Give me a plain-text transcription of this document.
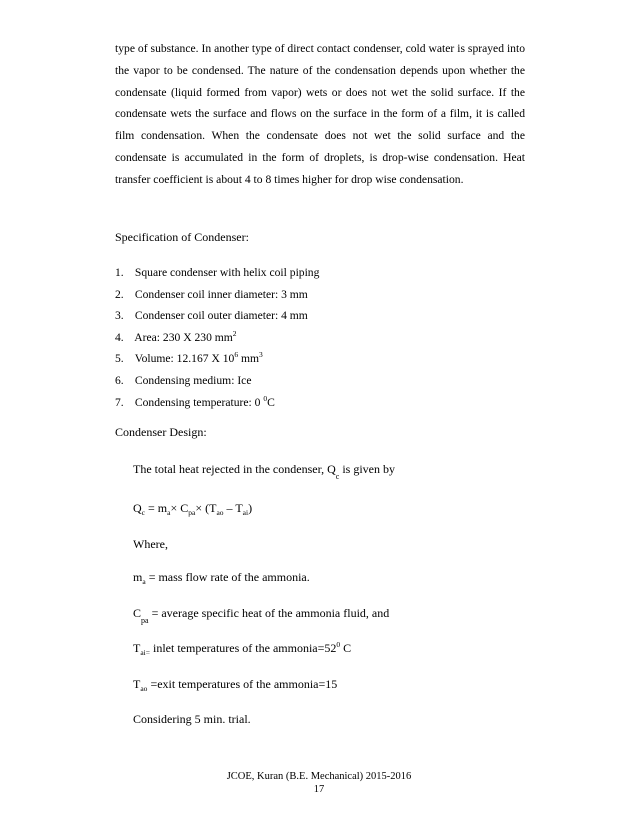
type of substance. In another type of direct contact condenser, cold water is sprayed into the vapor to be condensed. The nature of the condensation depends upon whether the condensate (liquid formed from vapor) wets or does not wet the solid surface. If the condensate wets the surface and flows on the surface in the form of a film, it is called film condensation. When the condensate does not wet the solid surface and the condensate is accumulated in the form of droplets, is drop-wise condensation. Heat transfer coefficient is about 4 to 8 times higher for drop wise condensation.
Specification of Condenser:
1. Square condenser with helix coil piping
2. Condenser coil inner diameter: 3 mm
3. Condenser coil outer diameter: 4 mm
4. Area: 230 X 230 $mm^2$
5. Volume: 12.167 X $10^6$ $mm^3$
6. Condensing medium: Ice
7. Condensing temperature: 0 $^0$C
Condenser Design:
The total heat rejected in the condenser, $Q_c$ is given by
$Q_c = m_a\times C_{pa}\times (T_{ao} - T_{ai})$
Where,
$m_a$ = mass flow rate of the ammonia.
$C_{pa}$ = average specific heat of the ammonia fluid, and
$T_{ai=}$ inlet temperatures of the $ammonia=52^0$ C
$T_{ao}$ =exit temperatures of the ammonia=15
Considering 5 min. trial.
JCOE, Kuran (B.E. Mechanical) 2015-2016
17
